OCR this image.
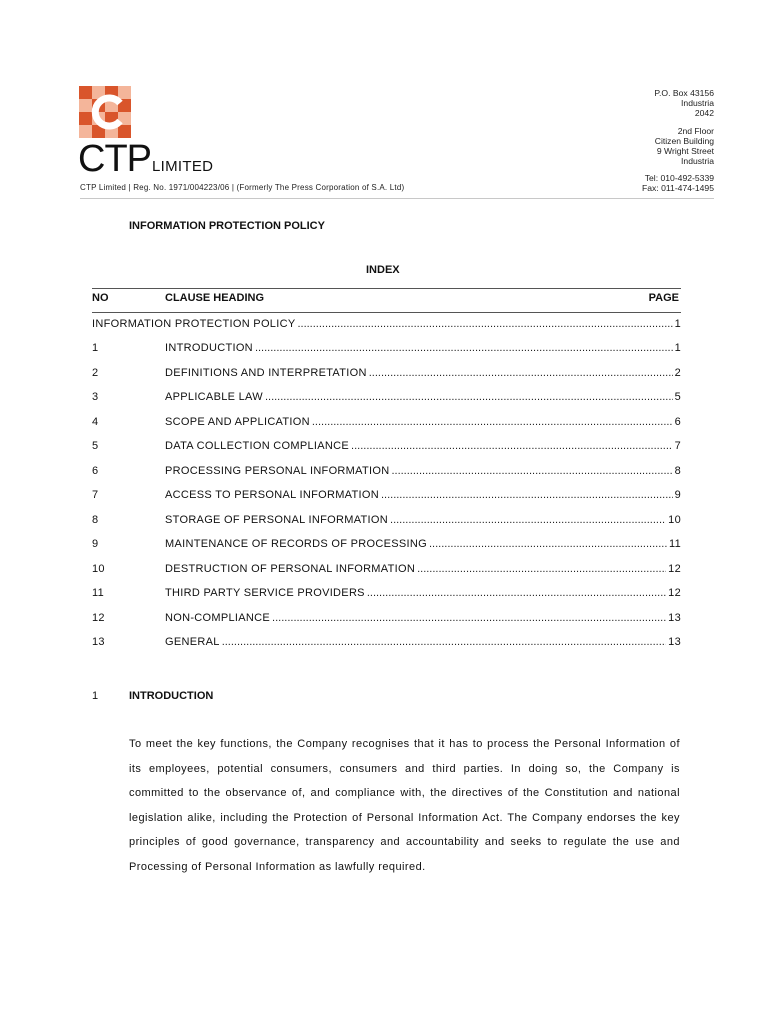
CTP LIMITED
CTP Limited | Reg. No. 1971/004223/06 | (Formerly The Press Corporation of S.A. Ltd)
P.O. Box 43156
Industria
2042
2nd Floor
Citizen Building
9 Wright Street
Industria
Tel: 010-492-5339
Fax: 011-474-1495
INFORMATION PROTECTION POLICY
INDEX
NO	CLAUSE HEADING	PAGE
INFORMATION PROTECTION POLICY .....	1
1	INTRODUCTION .....	1
2	DEFINITIONS AND INTERPRETATION .....	2
3	APPLICABLE LAW .....	5
4	SCOPE AND APPLICATION .....	6
5	DATA COLLECTION COMPLIANCE .....	7
6	PROCESSING PERSONAL INFORMATION .....	8
7	ACCESS TO PERSONAL INFORMATION .....	9
8	STORAGE OF PERSONAL INFORMATION .....	10
9	MAINTENANCE OF RECORDS OF PROCESSING .....	11
10	DESTRUCTION OF PERSONAL INFORMATION .....	12
11	THIRD PARTY SERVICE PROVIDERS .....	12
12	NON-COMPLIANCE .....	13
13	GENERAL .....	13
1	INTRODUCTION
To meet the key functions, the Company recognises that it has to process the Personal Information of its employees, potential consumers, consumers and third parties. In doing so, the Company is committed to the observance of, and compliance with, the directives of the Constitution and national legislation alike, including the Protection of Personal Information Act. The Company endorses the key principles of good governance, transparency and accountability and seeks to regulate the use and Processing of Personal Information as lawfully required.
